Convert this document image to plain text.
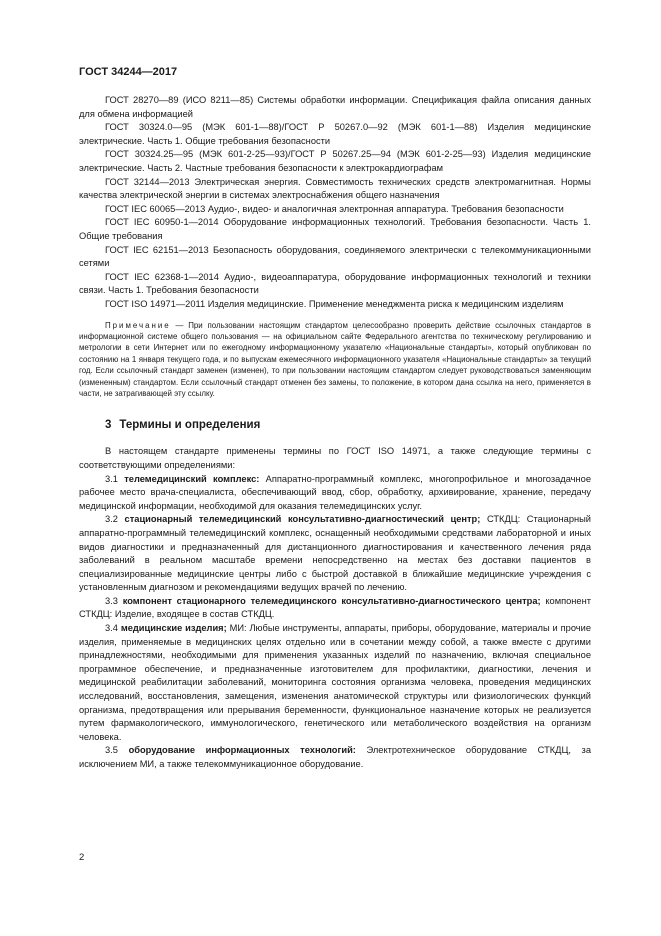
ГОСТ 34244—2017

ГОСТ 28270—89 (ИСО 8211—85) Системы обработки информации. Спецификация файла описания данных для обмена информацией

ГОСТ 30324.0—95 (МЭК 601-1—88)/ГОСТ Р 50267.0—92 (МЭК 601-1—88) Изделия медицинские электрические. Часть 1. Общие требования безопасности

ГОСТ 30324.25—95 (МЭК 601-2-25—93)/ГОСТ Р 50267.25—94 (МЭК 601-2-25—93) Изделия медицинские электрические. Часть 2. Частные требования безопасности к электрокардиографам

ГОСТ 32144—2013 Электрическая энергия. Совместимость технических средств электромагнитная. Нормы качества электрической энергии в системах электроснабжения общего назначения

ГОСТ IEC 60065—2013 Аудио-, видео- и аналогичная электронная аппаратура. Требования безопасности

ГОСТ IEC 60950-1—2014 Оборудование информационных технологий. Требования безопасности. Часть 1. Общие требования

ГОСТ IEC 62151—2013 Безопасность оборудования, соединяемого электрически с телекоммуникационными сетями

ГОСТ IEC 62368-1—2014 Аудио-, видеоаппаратура, оборудование информационных технологий и техники связи. Часть 1. Требования безопасности

ГОСТ ISO 14971—2011 Изделия медицинские. Применение менеджмента риска к медицинским изделиям

Примечание — При пользовании настоящим стандартом целесообразно проверить действие ссылочных стандартов в информационной системе общего пользования — на официальном сайте Федерального агентства по техническому регулированию и метрологии в сети Интернет или по ежегодному информационному указателю «Национальные стандарты», который опубликован по состоянию на 1 января текущего года, и по выпускам ежемесячного информационного указателя «Национальные стандарты» за текущий год. Если ссылочный стандарт заменен (изменен), то при пользовании настоящим стандартом следует руководствоваться заменяющим (измененным) стандартом. Если ссылочный стандарт отменен без замены, то положение, в котором дана ссылка на него, применяется в части, не затрагивающей эту ссылку.

3 Термины и определения

В настоящем стандарте применены термины по ГОСТ ISO 14971, а также следующие термины с соответствующими определениями:

3.1 телемедицинский комплекс: Аппаратно-программный комплекс, многопрофильное и многозадачное рабочее место врача-специалиста, обеспечивающий ввод, сбор, обработку, архивирование, хранение, передачу медицинской информации, необходимой для оказания телемедицинских услуг.

3.2 стационарный телемедицинский консультативно-диагностический центр; СТКДЦ: Стационарный аппаратно-программный телемедицинский комплекс, оснащенный необходимыми средствами лабораторной и иных видов диагностики и предназначенный для дистанционного диагностирования и качественного лечения ряда заболеваний в реальном масштабе времени непосредственно на местах без доставки пациентов в специализированные медицинские центры либо с быстрой доставкой в ближайшие медицинские учреждения с установленным диагнозом и рекомендациями ведущих врачей по лечению.

3.3 компонент стационарного телемедицинского консультативно-диагностического центра; компонент СТКДЦ: Изделие, входящее в состав СТКДЦ.

3.4 медицинские изделия; МИ: Любые инструменты, аппараты, приборы, оборудование, материалы и прочие изделия, применяемые в медицинских целях отдельно или в сочетании между собой, а также вместе с другими принадлежностями, необходимыми для применения указанных изделий по назначению, включая специальное программное обеспечение, и предназначенные изготовителем для профилактики, диагностики, лечения и медицинской реабилитации заболеваний, мониторинга состояния организма человека, проведения медицинских исследований, восстановления, замещения, изменения анатомической структуры или физиологических функций организма, предотвращения или прерывания беременности, функциональное назначение которых не реализуется путем фармакологического, иммунологического, генетического или метаболического воздействия на организм человека.

3.5 оборудование информационных технологий: Электротехническое оборудование СТКДЦ, за исключением МИ, а также телекоммуникационное оборудование.

2
